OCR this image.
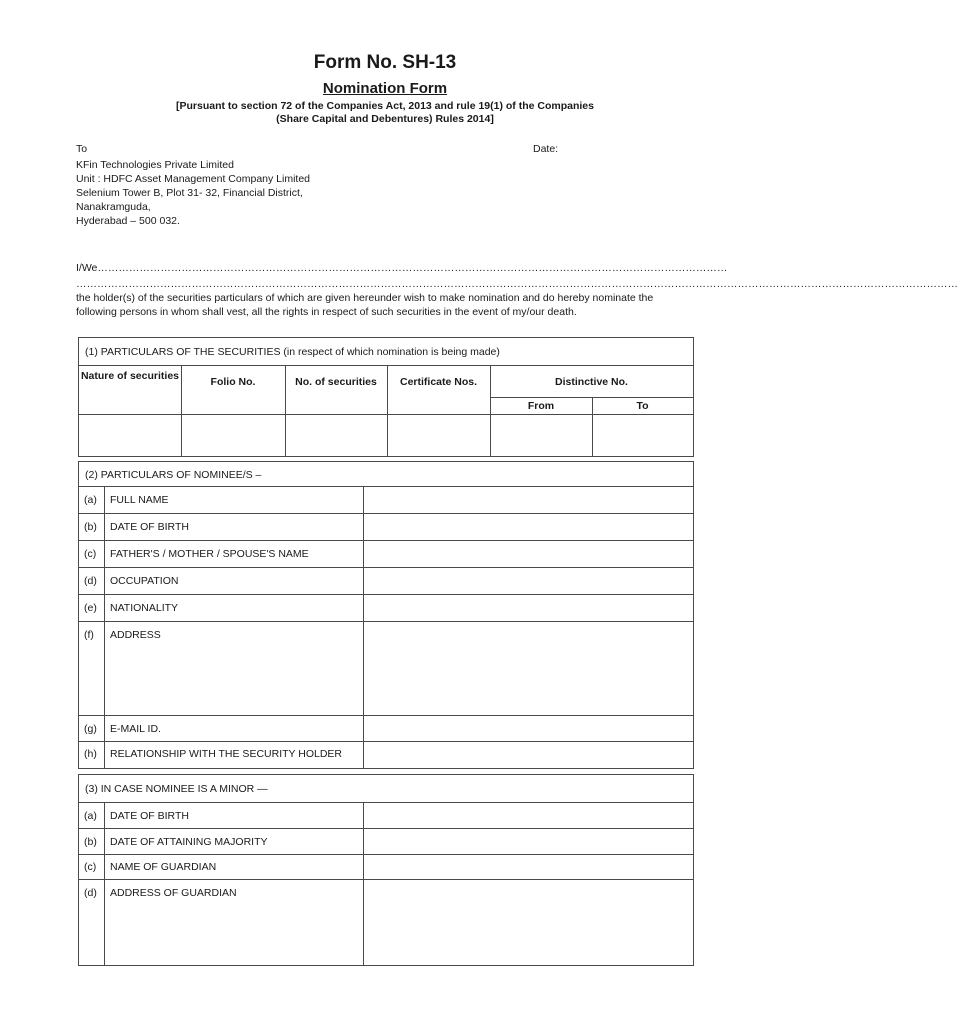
Form No. SH-13
Nomination Form
[Pursuant to section 72 of the Companies Act, 2013 and rule 19(1) of the Companies
(Share Capital and Debentures) Rules 2014]
To	Date:
KFin Technologies Private Limited
Unit : HDFC Asset Management Company Limited
Selenium Tower B, Plot 31- 32, Financial District,
Nanakramguda,
Hyderabad – 500 032.
I/We………………………………………………………………………………………………………………………………………………………………
………………………………………………………………………………………………………………………………………………………………………………………………………………………………
the holder(s) of the securities particulars of which are given hereunder wish to make nomination and do hereby nominate the
following persons in whom shall vest, all the rights in respect of such securities in the event of my/our death.
(1) PARTICULARS OF THE SECURITIES (in respect of which nomination is being made)
Nature of securities	Folio No.	No. of securities	Certificate Nos.	Distinctive No.
From	To
(2) PARTICULARS OF NOMINEE/S –
(a) FULL NAME
(b) DATE OF BIRTH
(c) FATHER'S / MOTHER / SPOUSE'S NAME
(d) OCCUPATION
(e) NATIONALITY
(f) ADDRESS
(g) E-MAIL ID.
(h) RELATIONSHIP WITH THE SECURITY HOLDER
(3) IN CASE NOMINEE IS A MINOR —
(a) DATE OF BIRTH
(b) DATE OF ATTAINING MAJORITY
(c) NAME OF GUARDIAN
(d) ADDRESS OF GUARDIAN
